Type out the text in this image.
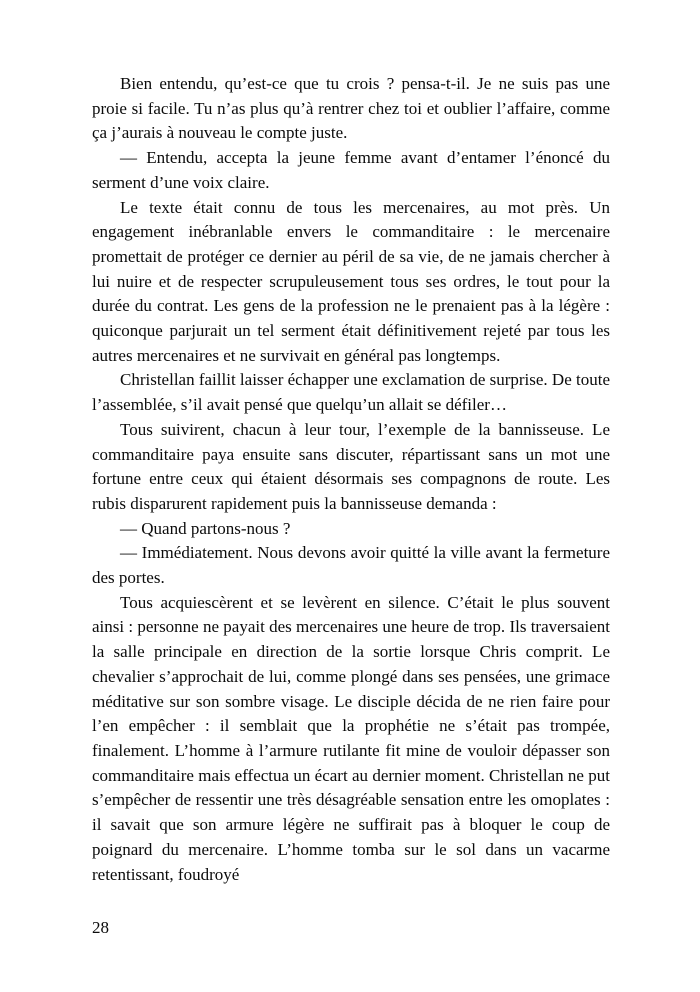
Bien entendu, qu’est-ce que tu crois ? pensa-t-il. Je ne suis pas une proie si facile. Tu n’as plus qu’à rentrer chez toi et oublier l’affaire, comme ça j’aurais à nouveau le compte juste.

— Entendu, accepta la jeune femme avant d’entamer l’énoncé du serment d’une voix claire.

Le texte était connu de tous les mercenaires, au mot près. Un engagement inébranlable envers le commanditaire : le mercenaire promettait de protéger ce dernier au péril de sa vie, de ne jamais chercher à lui nuire et de respecter scrupuleusement tous ses ordres, le tout pour la durée du contrat. Les gens de la profession ne le prenaient pas à la légère : quiconque parjurait un tel serment était définitivement rejeté par tous les autres mercenaires et ne survivait en général pas longtemps.

Christellan faillit laisser échapper une exclamation de surprise. De toute l’assemblée, s’il avait pensé que quelqu’un allait se défiler…

Tous suivirent, chacun à leur tour, l’exemple de la bannisseuse. Le commanditaire paya ensuite sans discuter, répartissant sans un mot une fortune entre ceux qui étaient désormais ses compagnons de route. Les rubis disparurent rapidement puis la bannisseuse demanda :

— Quand partons-nous ?

— Immédiatement. Nous devons avoir quitté la ville avant la fermeture des portes.

Tous acquiescèrent et se levèrent en silence. C’était le plus souvent ainsi : personne ne payait des mercenaires une heure de trop. Ils traversaient la salle principale en direction de la sortie lorsque Chris comprit. Le chevalier s’approchait de lui, comme plongé dans ses pensées, une grimace méditative sur son sombre visage. Le disciple décida de ne rien faire pour l’en empêcher : il semblait que la prophétie ne s’était pas trompée, finalement. L’homme à l’armure rutilante fit mine de vouloir dépasser son commanditaire mais effectua un écart au dernier moment. Christellan ne put s’empêcher de ressentir une très désagréable sensation entre les omoplates : il savait que son armure légère ne suffirait pas à bloquer le coup de poignard du mercenaire. L’homme tomba sur le sol dans un vacarme retentissant, foudroyé

28
